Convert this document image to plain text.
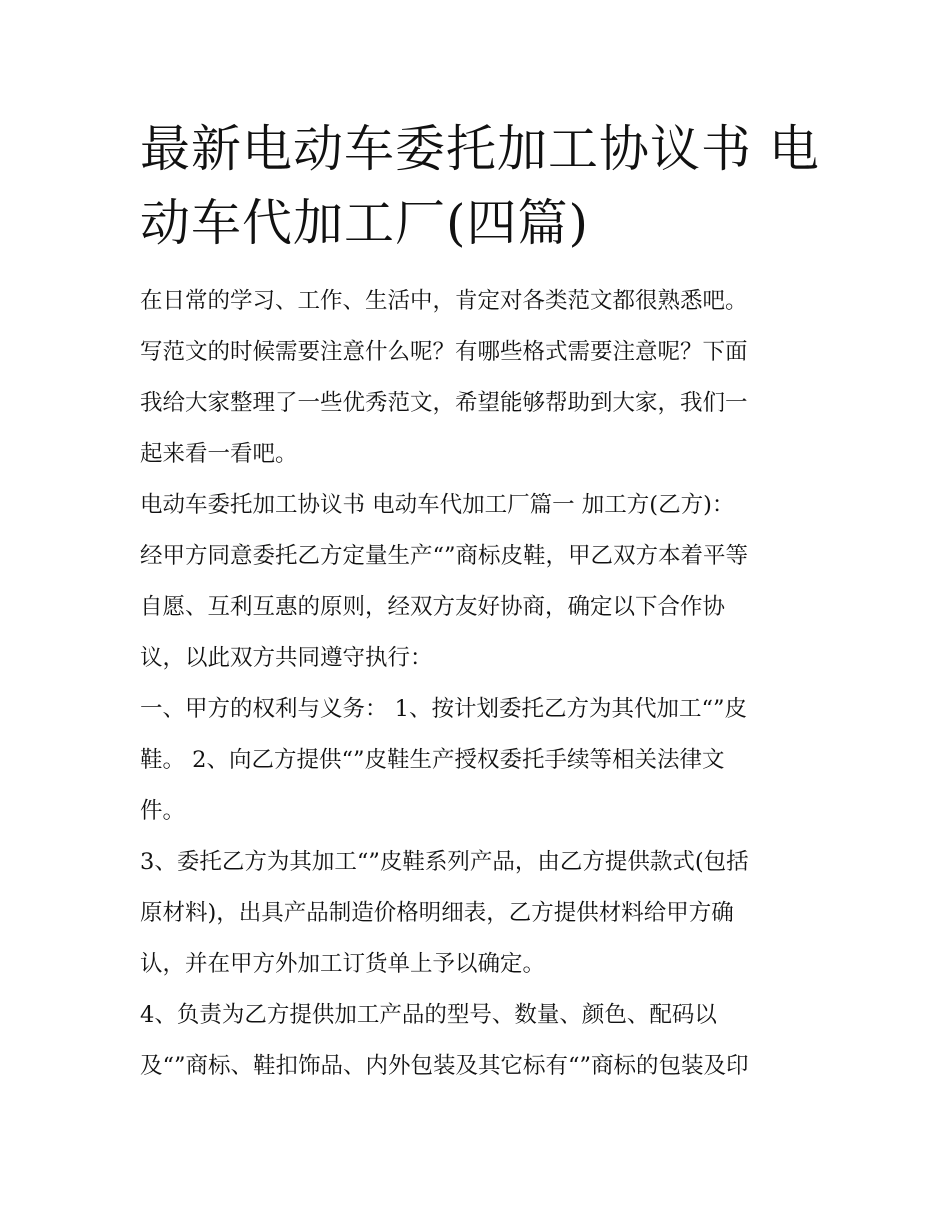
最新电动车委托加工协议书 电
动车代加工厂(四篇)

在日常的学习、工作、生活中，肯定对各类范文都很熟悉吧。

写范文的时候需要注意什么呢？有哪些格式需要注意呢？下面

我给大家整理了一些优秀范文，希望能够帮助到大家，我们一

起来看一看吧。

电动车委托加工协议书 电动车代加工厂篇一 加工方(乙方)：

经甲方同意委托乙方定量生产“”商标皮鞋，甲乙双方本着平等

自愿、互利互惠的原则，经双方友好协商，确定以下合作协

议，以此双方共同遵守执行：

一、甲方的权利与义务： 1、按计划委托乙方为其代加工“”皮

鞋。 2、向乙方提供“”皮鞋生产授权委托手续等相关法律文

件。

3、委托乙方为其加工“”皮鞋系列产品，由乙方提供款式(包括

原材料)，出具产品制造价格明细表，乙方提供材料给甲方确

认，并在甲方外加工订货单上予以确定。

4、负责为乙方提供加工产品的型号、数量、颜色、配码以

及“”商标、鞋扣饰品、内外包装及其它标有“”商标的包装及印
